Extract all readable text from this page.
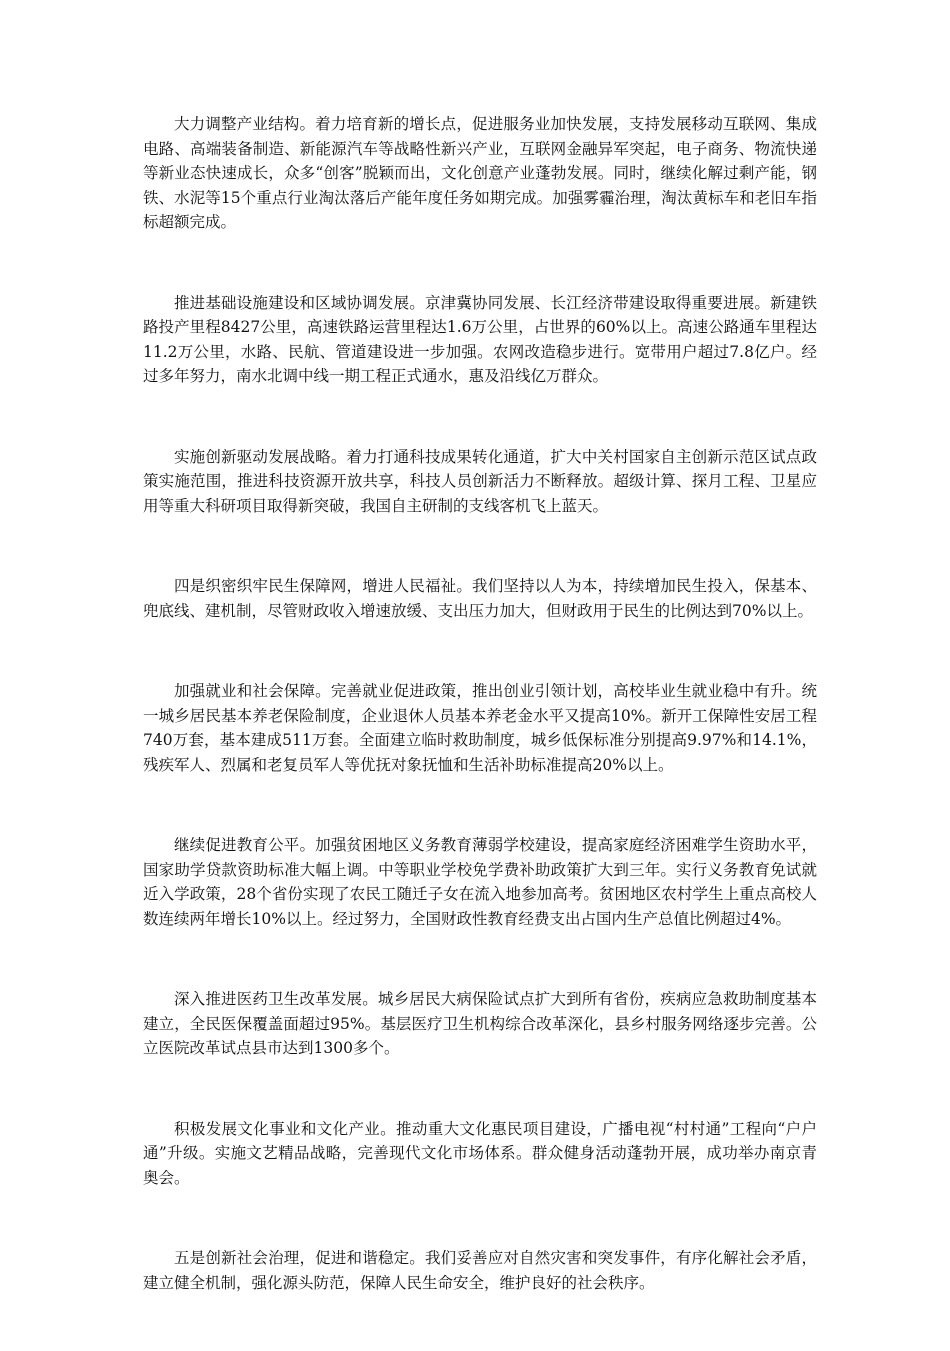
大力调整产业结构。着力培育新的增长点，促进服务业加快发展，支持发展移动互联网、集成电路、高端装备制造、新能源汽车等战略性新兴产业，互联网金融异军突起，电子商务、物流快递等新业态快速成长，众多“创客”脱颖而出，文化创意产业蓬勃发展。同时，继续化解过剩产能，钢铁、水泥等15个重点行业淘汰落后产能年度任务如期完成。加强雾霾治理，淘汰黄标车和老旧车指标超额完成。

推进基础设施建设和区域协调发展。京津冀协同发展、长江经济带建设取得重要进展。新建铁路投产里程8427公里，高速铁路运营里程达1.6万公里，占世界的60%以上。高速公路通车里程达11.2万公里，水路、民航、管道建设进一步加强。农网改造稳步进行。宽带用户超过7.8亿户。经过多年努力，南水北调中线一期工程正式通水，惠及沿线亿万群众。

实施创新驱动发展战略。着力打通科技成果转化通道，扩大中关村国家自主创新示范区试点政策实施范围，推进科技资源开放共享，科技人员创新活力不断释放。超级计算、探月工程、卫星应用等重大科研项目取得新突破，我国自主研制的支线客机飞上蓝天。

四是织密织牢民生保障网，增进人民福祉。我们坚持以人为本，持续增加民生投入，保基本、兜底线、建机制，尽管财政收入增速放缓、支出压力加大，但财政用于民生的比例达到70%以上。

加强就业和社会保障。完善就业促进政策，推出创业引领计划，高校毕业生就业稳中有升。统一城乡居民基本养老保险制度，企业退休人员基本养老金水平又提高10%。新开工保障性安居工程740万套，基本建成511万套。全面建立临时救助制度，城乡低保标准分别提高9.97%和14.1%，残疾军人、烈属和老复员军人等优抚对象抚恤和生活补助标准提高20%以上。

继续促进教育公平。加强贫困地区义务教育薄弱学校建设，提高家庭经济困难学生资助水平，国家助学贷款资助标准大幅上调。中等职业学校免学费补助政策扩大到三年。实行义务教育免试就近入学政策，28个省份实现了农民工随迁子女在流入地参加高考。贫困地区农村学生上重点高校人数连续两年增长10%以上。经过努力，全国财政性教育经费支出占国内生产总值比例超过4%。

深入推进医药卫生改革发展。城乡居民大病保险试点扩大到所有省份，疾病应急救助制度基本建立，全民医保覆盖面超过95%。基层医疗卫生机构综合改革深化，县乡村服务网络逐步完善。公立医院改革试点县市达到1300多个。

积极发展文化事业和文化产业。推动重大文化惠民项目建设，广播电视“村村通”工程向“户户通”升级。实施文艺精品战略，完善现代文化市场体系。群众健身活动蓬勃开展，成功举办南京青奥会。

五是创新社会治理，促进和谐稳定。我们妥善应对自然灾害和突发事件，有序化解社会矛盾，建立健全机制，强化源头防范，保障人民生命安全，维护良好的社会秩序。
